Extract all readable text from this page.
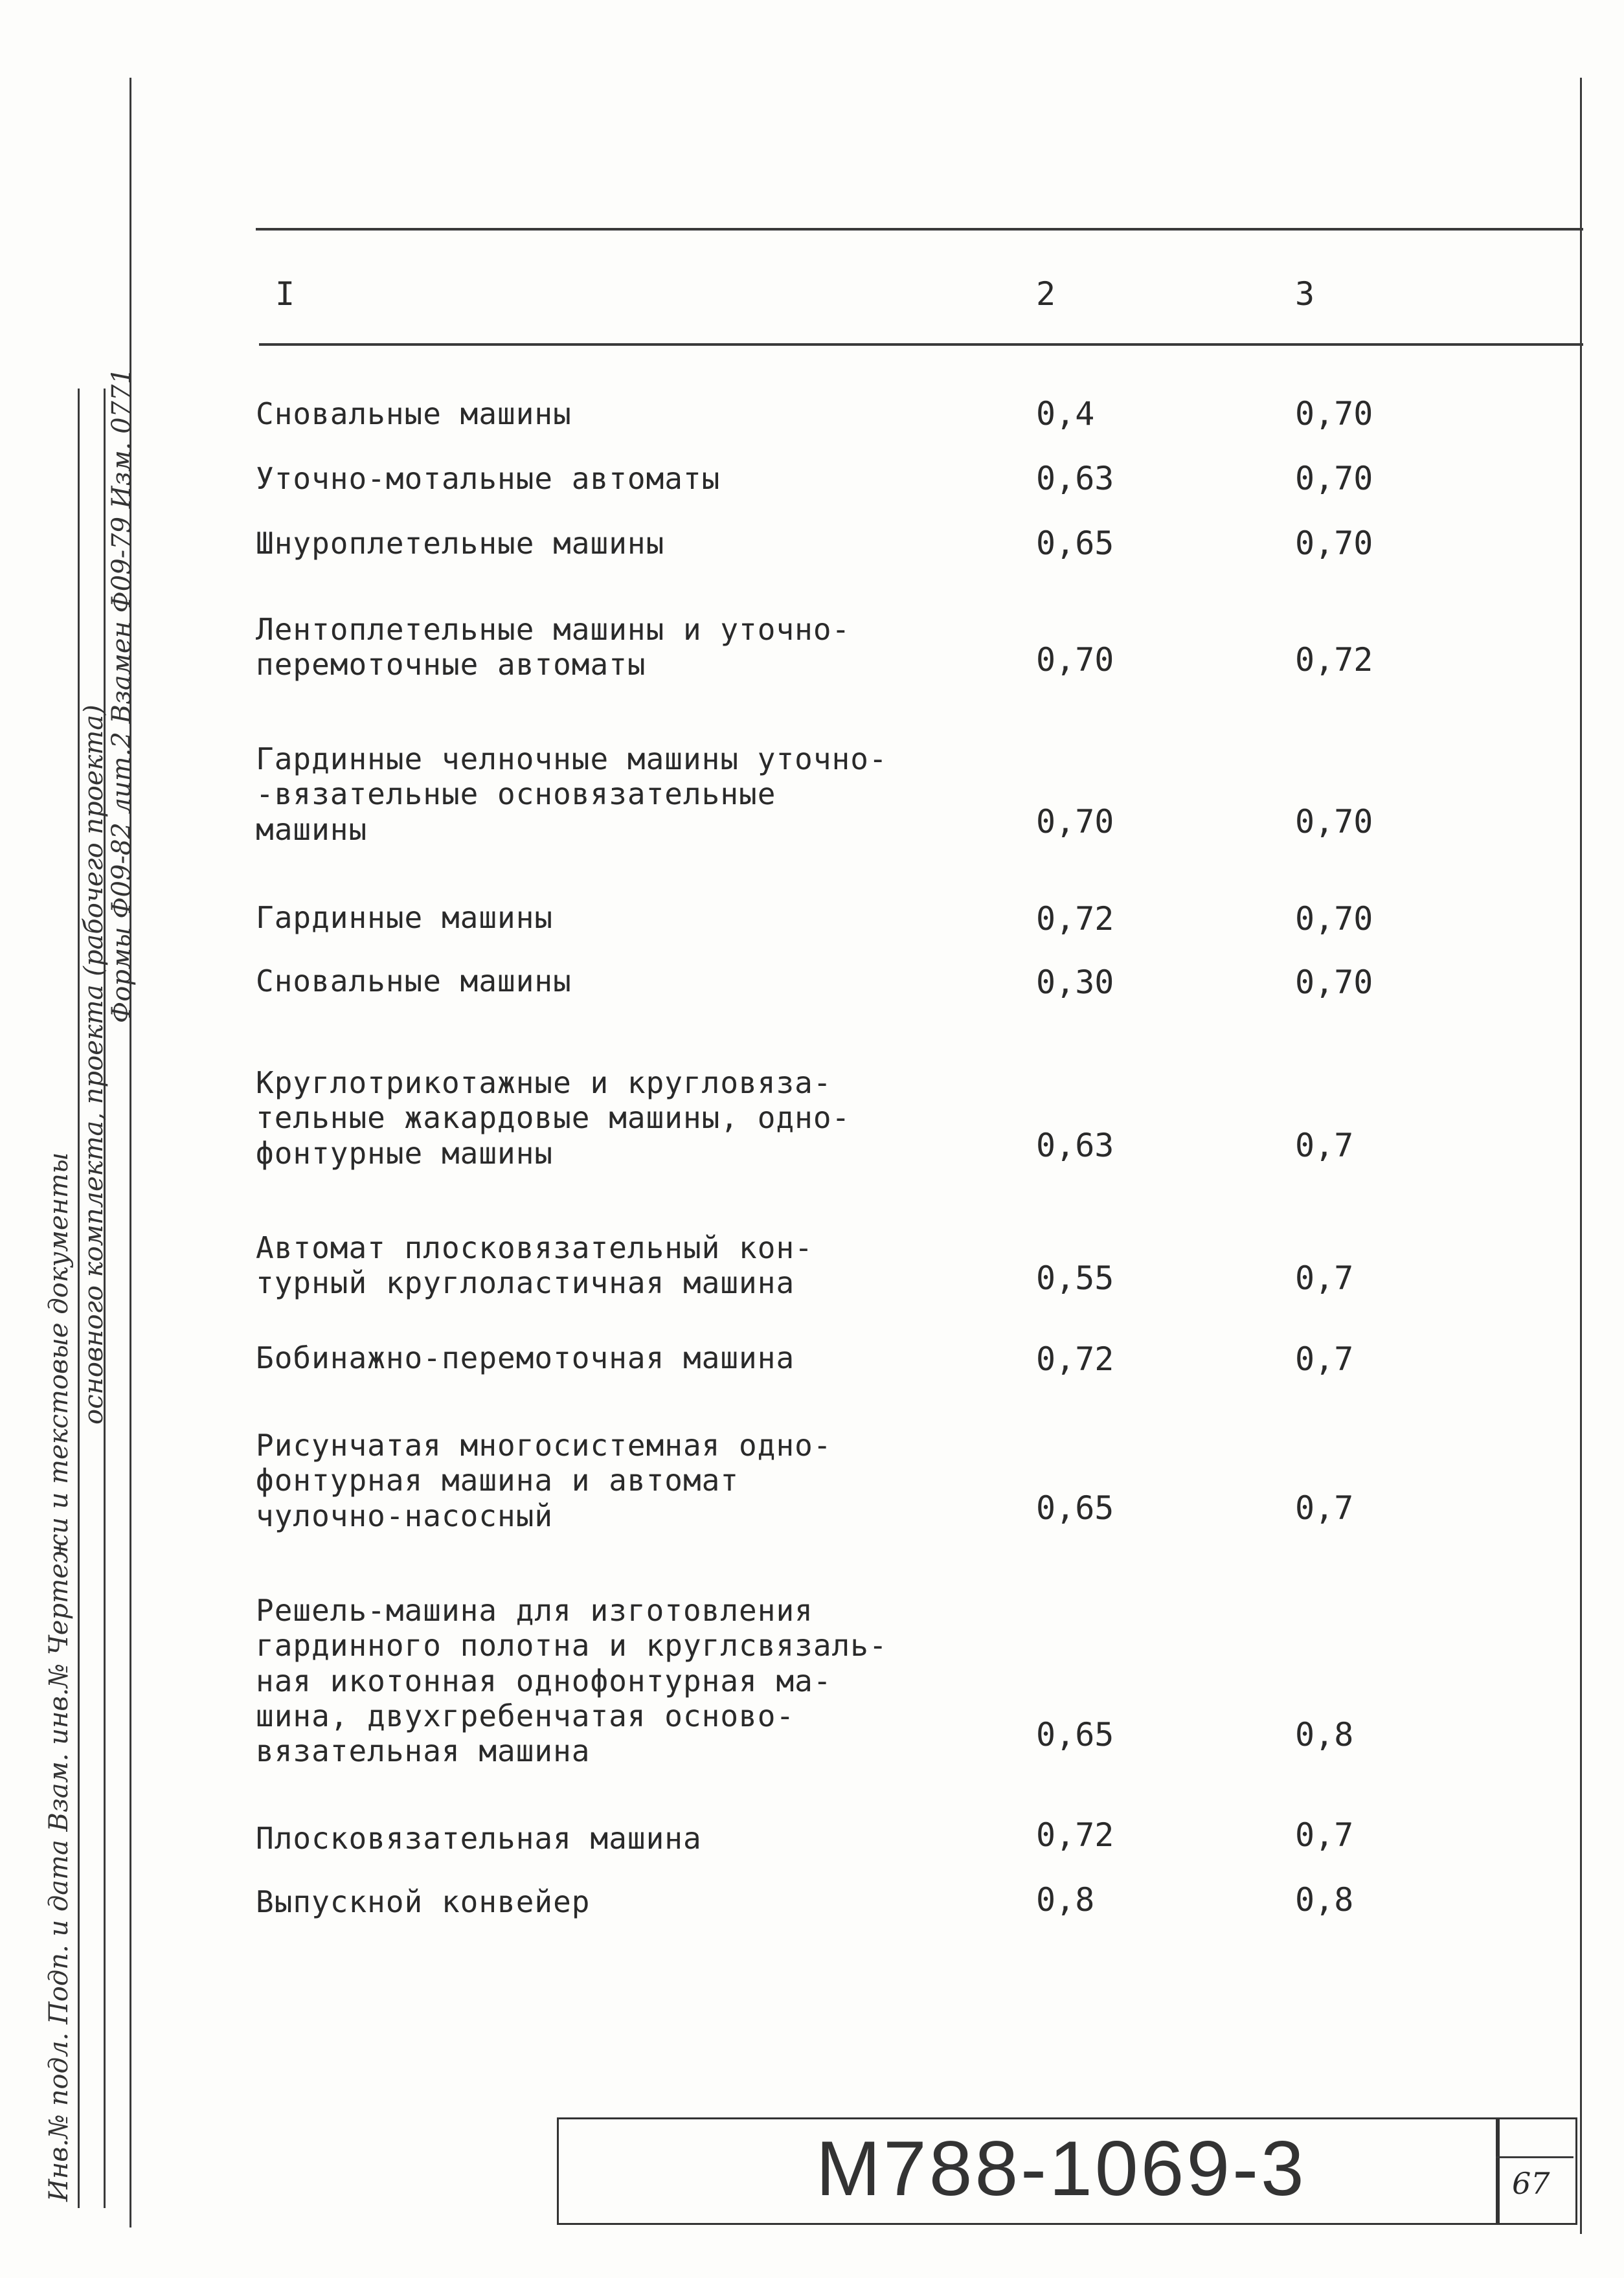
I	2	3
Сновальные машины	0,4	0,70
Уточно-мотальные автоматы	0,63	0,70
Шнуроплетельные машины	0,65	0,70
Лентоплетельные машины и уточно-
перемоточные автоматы	0,70	0,72
Гардинные челночные машины уточно-
-вязательные основязательные
машины	0,70	0,70
Гардинные машины	0,72	0,70
Сновальные машины	0,30	0,70
Круглотрикотажные и кругловяза-
тельные жакардовые машины, одно-
фонтурные машины	0,63	0,7
Автомат плосковязательный кон-
турный круглоластичная машина	0,55	0,7
Бобинажно-перемоточная машина	0,72	0,7
Рисунчатая многосистемная одно-
фонтурная машина и автомат
чулочно-насосный	0,65	0,7
Решель-машина для изготовления
гардинного полотна и круглсвязаль-
ная икотонная однофонтурная ма-
шина, двухгребенчатая осново-
вязательная машина	0,65	0,8
Плосковязательная машина	0,72	0,7
Выпускной конвейер	0,8	0,8
Инв.№ подл. Подп. и дата Взам. инв.№ Чертежи и текстовые документы
основного комплекта, проекта (рабочего проекта)
Формы Ф09-82 лит.2 Взамен Ф09-79 Изм. 0771
М788-1069-3	67
